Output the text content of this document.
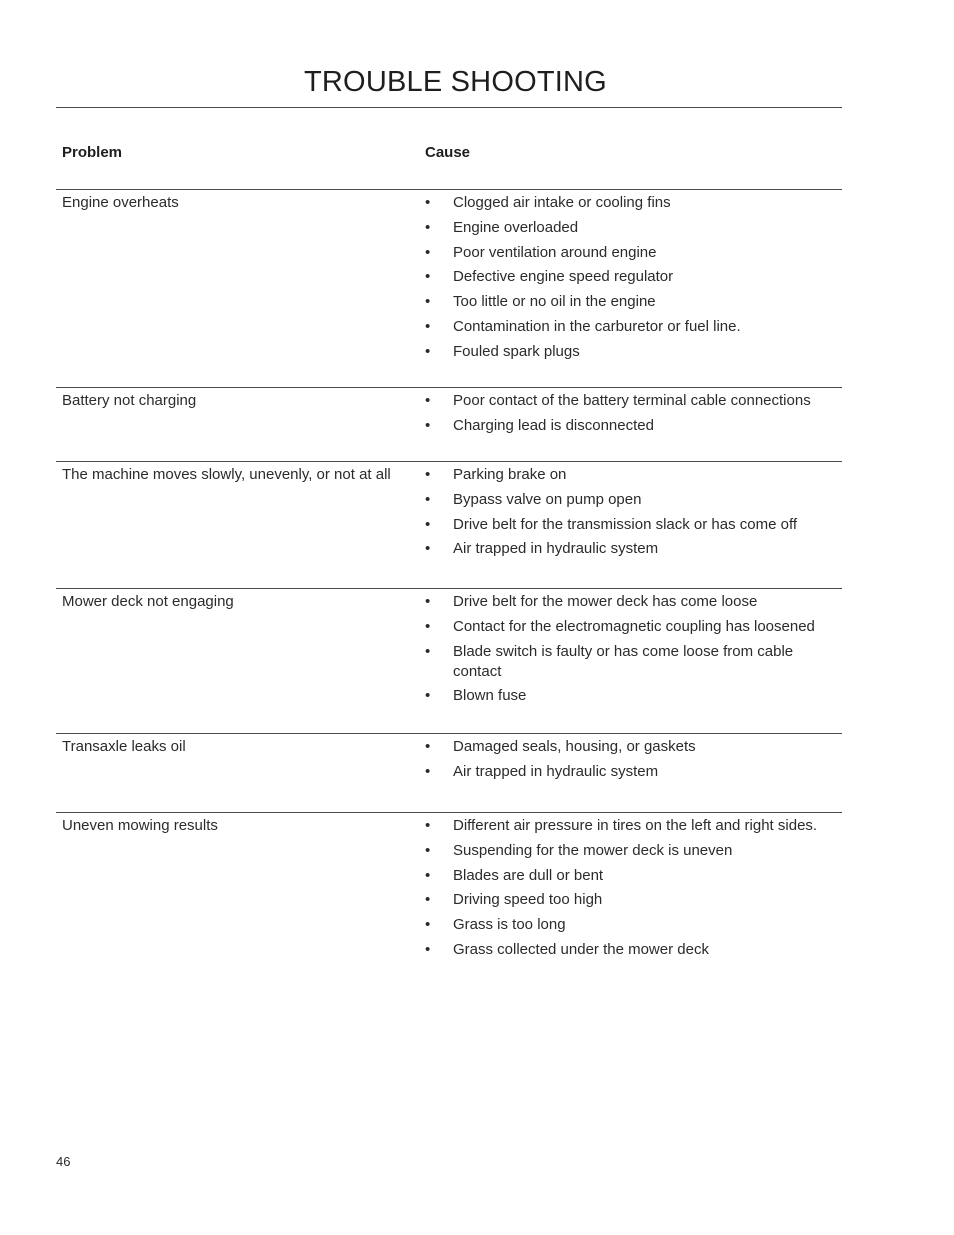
TROUBLE SHOOTING
Problem	Cause
Engine overheats	• Clogged air intake or cooling fins
• Engine overloaded
• Poor ventilation around engine
• Defective engine speed regulator
• Too little or no oil in the engine
• Contamination in the carburetor or fuel line.
• Fouled spark plugs
Battery not charging	• Poor contact of the battery terminal cable connections
• Charging lead is disconnected
The machine moves slowly, unevenly, or not at all	• Parking brake on
• Bypass valve on pump open
• Drive belt for the transmission slack or has come off
• Air trapped in hydraulic system
Mower deck not engaging	• Drive belt for the mower deck has come loose
• Contact for the electromagnetic coupling has loosened
• Blade switch is faulty or has come loose from cable contact
• Blown fuse
Transaxle leaks oil	• Damaged seals, housing, or gaskets
• Air trapped in hydraulic system
Uneven mowing results	• Different air pressure in tires on the left and right sides.
• Suspending for the mower deck is uneven
• Blades are dull or bent
• Driving speed too high
• Grass is too long
• Grass collected under the mower deck
46
